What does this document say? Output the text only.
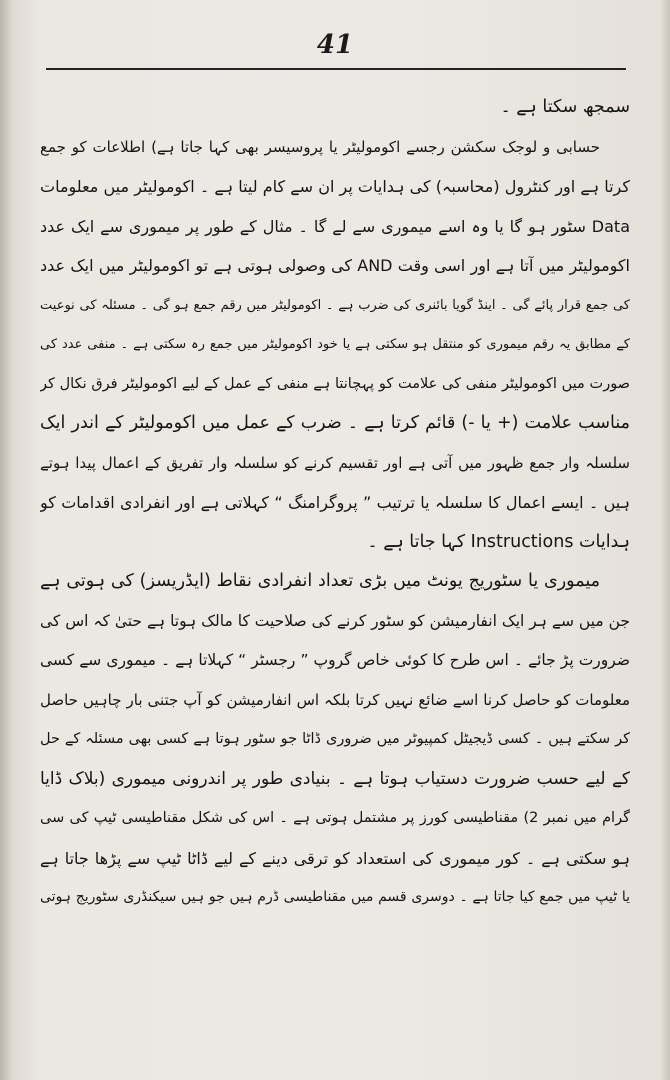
41
سمجھ سکتا ہے ۔
حسابی و لوجک سکشن رجسے اکومولیٹر یا پروسیسر بھی کہا جاتا ہے) اطلاعات کو جمع
کرتا ہے اور کنٹرول (محاسبہ) کی ہدایات پر ان سے کام لیتا ہے ۔ اکومولیٹر میں معلومات
Data سٹور ہو گا یا وہ اسے میموری سے لے گا ۔ مثال کے طور پر میموری سے ایک عدد
اکومولیٹر میں آتا ہے اور اسی وقت AND کی وصولی ہوتی ہے تو اکومولیٹر میں ایک عدد
کی جمع قرار پائے گی ۔ اینڈ گویا بائنری کی ضرب ہے ۔ اکومولیٹر میں رقم جمع ہو گی ۔ مسئلہ کی نوعیت
کے مطابق یہ رقم میموری کو منتقل ہو سکتی ہے یا خود اکومولیٹر میں جمع رہ سکتی ہے ۔ منفی عدد کی
صورت میں اکومولیٹر منفی کی علامت کو پہچانتا ہے منفی کے عمل کے لیے اکومولیٹر فرق نکال کر
مناسب علامت (+ یا -) قائم کرتا ہے ۔ ضرب کے عمل میں اکومولیٹر کے اندر ایک
سلسلہ وار جمع ظہور میں آتی ہے اور تقسیم کرنے کو سلسلہ وار تفریق کے اعمال پیدا ہوتے
ہیں ۔ ایسے اعمال کا سلسلہ یا ترتیب ” پروگرامنگ “ کہلاتی ہے اور انفرادی اقدامات کو
ہدایات Instructions کہا جاتا ہے ۔
میموری یا سٹوریج یونٹ میں بڑی تعداد انفرادی نقاط (ایڈریسز) کی ہوتی ہے
جن میں سے ہر ایک انفارمیشن کو سٹور کرنے کی صلاحیت کا مالک ہوتا ہے حتیٰ کہ اس کی
ضرورت پڑ جائے ۔ اس طرح کا کوئی خاص گروپ ” رجسٹر “ کہلاتا ہے ۔ میموری سے کسی
معلومات کو حاصل کرنا اسے ضائع نہیں کرتا بلکہ اس انفارمیشن کو آپ جتنی بار چاہیں حاصل
کر سکتے ہیں ۔ کسی ڈیجیٹل کمپیوٹر میں ضروری ڈاٹا جو سٹور ہوتا ہے کسی بھی مسئلہ کے حل
کے لیے حسب ضرورت دستیاب ہوتا ہے ۔ بنیادی طور پر اندرونی میموری (بلاک ڈایا
گرام میں نمبر 2) مقناطیسی کورز پر مشتمل ہوتی ہے ۔ اس کی شکل مقناطیسی ٹیپ کی سی
ہو سکتی ہے ۔ کور میموری کی استعداد کو ترقی دینے کے لیے ڈاٹا ٹیپ سے پڑھا جاتا ہے
یا ٹیپ میں جمع کیا جاتا ہے ۔ دوسری قسم میں مقناطیسی ڈرم ہیں جو ہیں سیکنڈری سٹوریج ہوتی
